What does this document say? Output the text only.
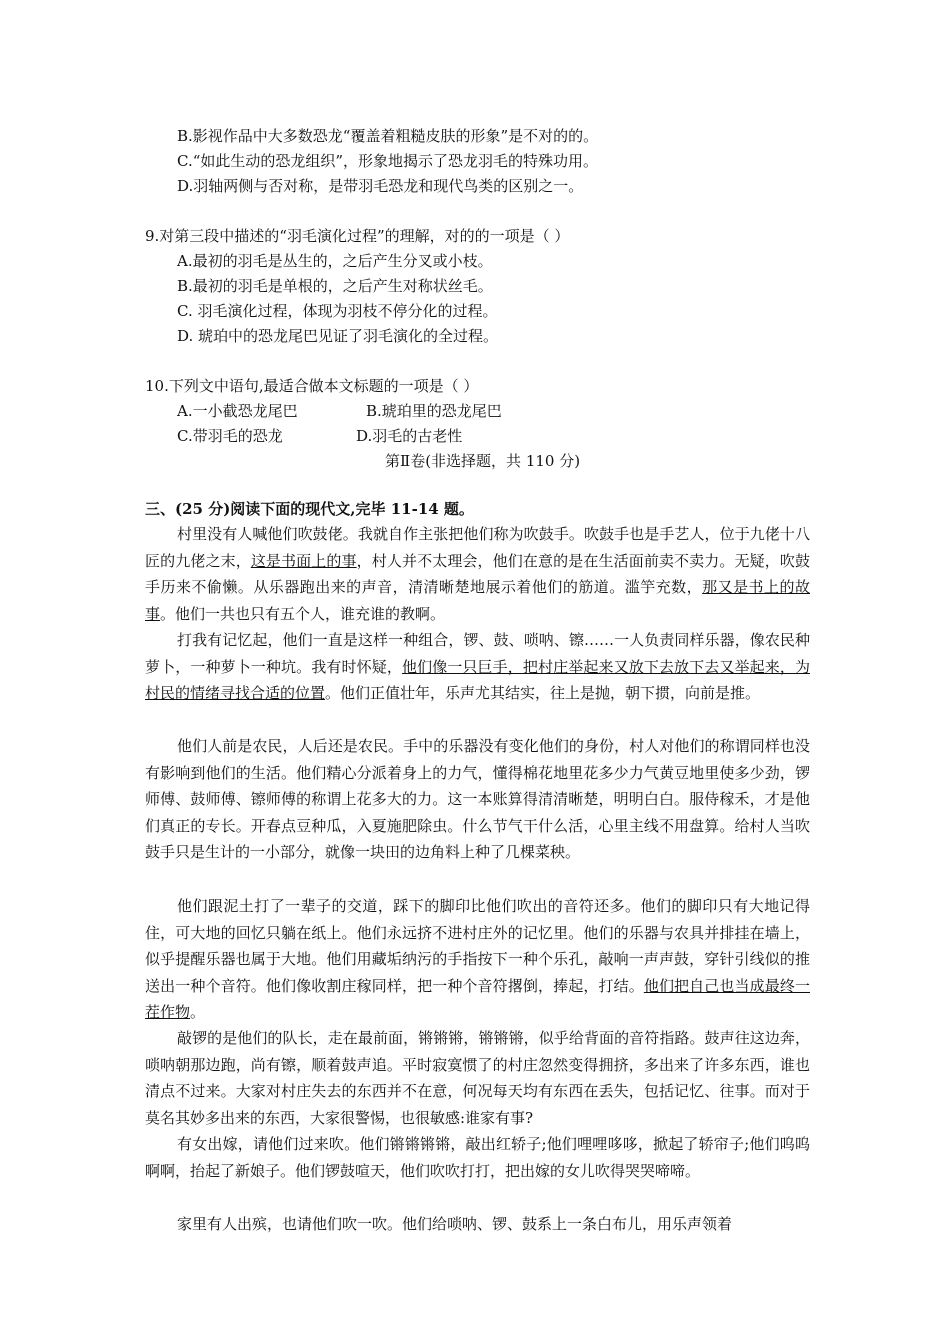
B.影视作品中大多数恐龙“覆盖着粗糙皮肤的形象”是不对的的。
C.“如此生动的恐龙组织”，形象地揭示了恐龙羽毛的特殊功用。
D.羽轴两侧与否对称，是带羽毛恐龙和现代鸟类的区别之一。
9.对第三段中描述的“羽毛演化过程”的理解，对的的一项是（ ）
A.最初的羽毛是丛生的，之后产生分叉或小枝。
B.最初的羽毛是单根的，之后产生对称状丝毛。
C. 羽毛演化过程，体现为羽枝不停分化的过程。
D. 琥珀中的恐龙尾巴见证了羽毛演化的全过程。
10.下列文中语句,最适合做本文标题的一项是（ ）
A.一小截恐龙尾巴	B.琥珀里的恐龙尾巴
C.带羽毛的恐龙	D.羽毛的古老性
第Ⅱ卷(非选择题，共 110 分)
三、(25 分)阅读下面的现代文,完毕 11-14 题。
村里没有人喊他们吹鼓佬。我就自作主张把他们称为吹鼓手。吹鼓手也是手艺人，位于九佬十八匠的九佬之末，这是书面上的事，村人并不太理会，他们在意的是在生活面前卖不卖力。无疑，吹鼓手历来不偷懒。从乐器跑出来的声音，清清晰楚地展示着他们的筋道。滥竽充数，那又是书上的故事。他们一共也只有五个人，谁充谁的教啊。
打我有记忆起，他们一直是这样一种组合，锣、鼓、唢呐、镲……一人负责同样乐器，像农民种萝卜，一种萝卜一种坑。我有时怀疑，他们像一只巨手，把村庄举起来又放下去放下去又举起来，为村民的情绪寻找合适的位置。他们正值壮年，乐声尤其结实，往上是抛，朝下掼，向前是推。
他们人前是农民，人后还是农民。手中的乐器没有变化他们的身份，村人对他们的称谓同样也没有影响到他们的生活。他们精心分派着身上的力气，懂得棉花地里花多少力气黄豆地里使多少劲，锣师傅、鼓师傅、镲师傅的称谓上花多大的力。这一本账算得清清晰楚，明明白白。服侍稼禾，才是他们真正的专长。开春点豆种瓜，入夏施肥除虫。什么节气干什么活，心里主线不用盘算。给村人当吹鼓手只是生计的一小部分，就像一块田的边角料上种了几棵菜秧。
他们跟泥土打了一辈子的交道，踩下的脚印比他们吹出的音符还多。他们的脚印只有大地记得住，可大地的回忆只躺在纸上。他们永远挤不进村庄外的记忆里。他们的乐器与农具并排挂在墙上，似乎提醒乐器也属于大地。他们用藏垢纳污的手指按下一种个乐孔，敲响一声声鼓，穿针引线似的推送出一种个音符。他们像收割庄稼同样，把一种个音符撂倒，捧起，打结。他们把自己也当成最终一茬作物。
敲锣的是他们的队长，走在最前面，锵锵锵，锵锵锵，似乎给背面的音符指路。鼓声往这边奔，唢呐朝那边跑，尚有镲，顺着鼓声追。平时寂寞惯了的村庄忽然变得拥挤，多出来了许多东西，谁也清点不过来。大家对村庄失去的东西并不在意，何况每天均有东西在丢失，包括记忆、往事。而对于莫名其妙多出来的东西，大家很警惕，也很敏感:谁家有事?
有女出嫁，请他们过来吹。他们锵锵锵锵，敲出红轿子;他们哩哩哆哆，掀起了轿帘子;他们呜呜啊啊，抬起了新娘子。他们锣鼓喧天，他们吹吹打打，把出嫁的女儿吹得哭哭啼啼。
家里有人出殡，也请他们吹一吹。他们给唢呐、锣、鼓系上一条白布儿，用乐声领着
